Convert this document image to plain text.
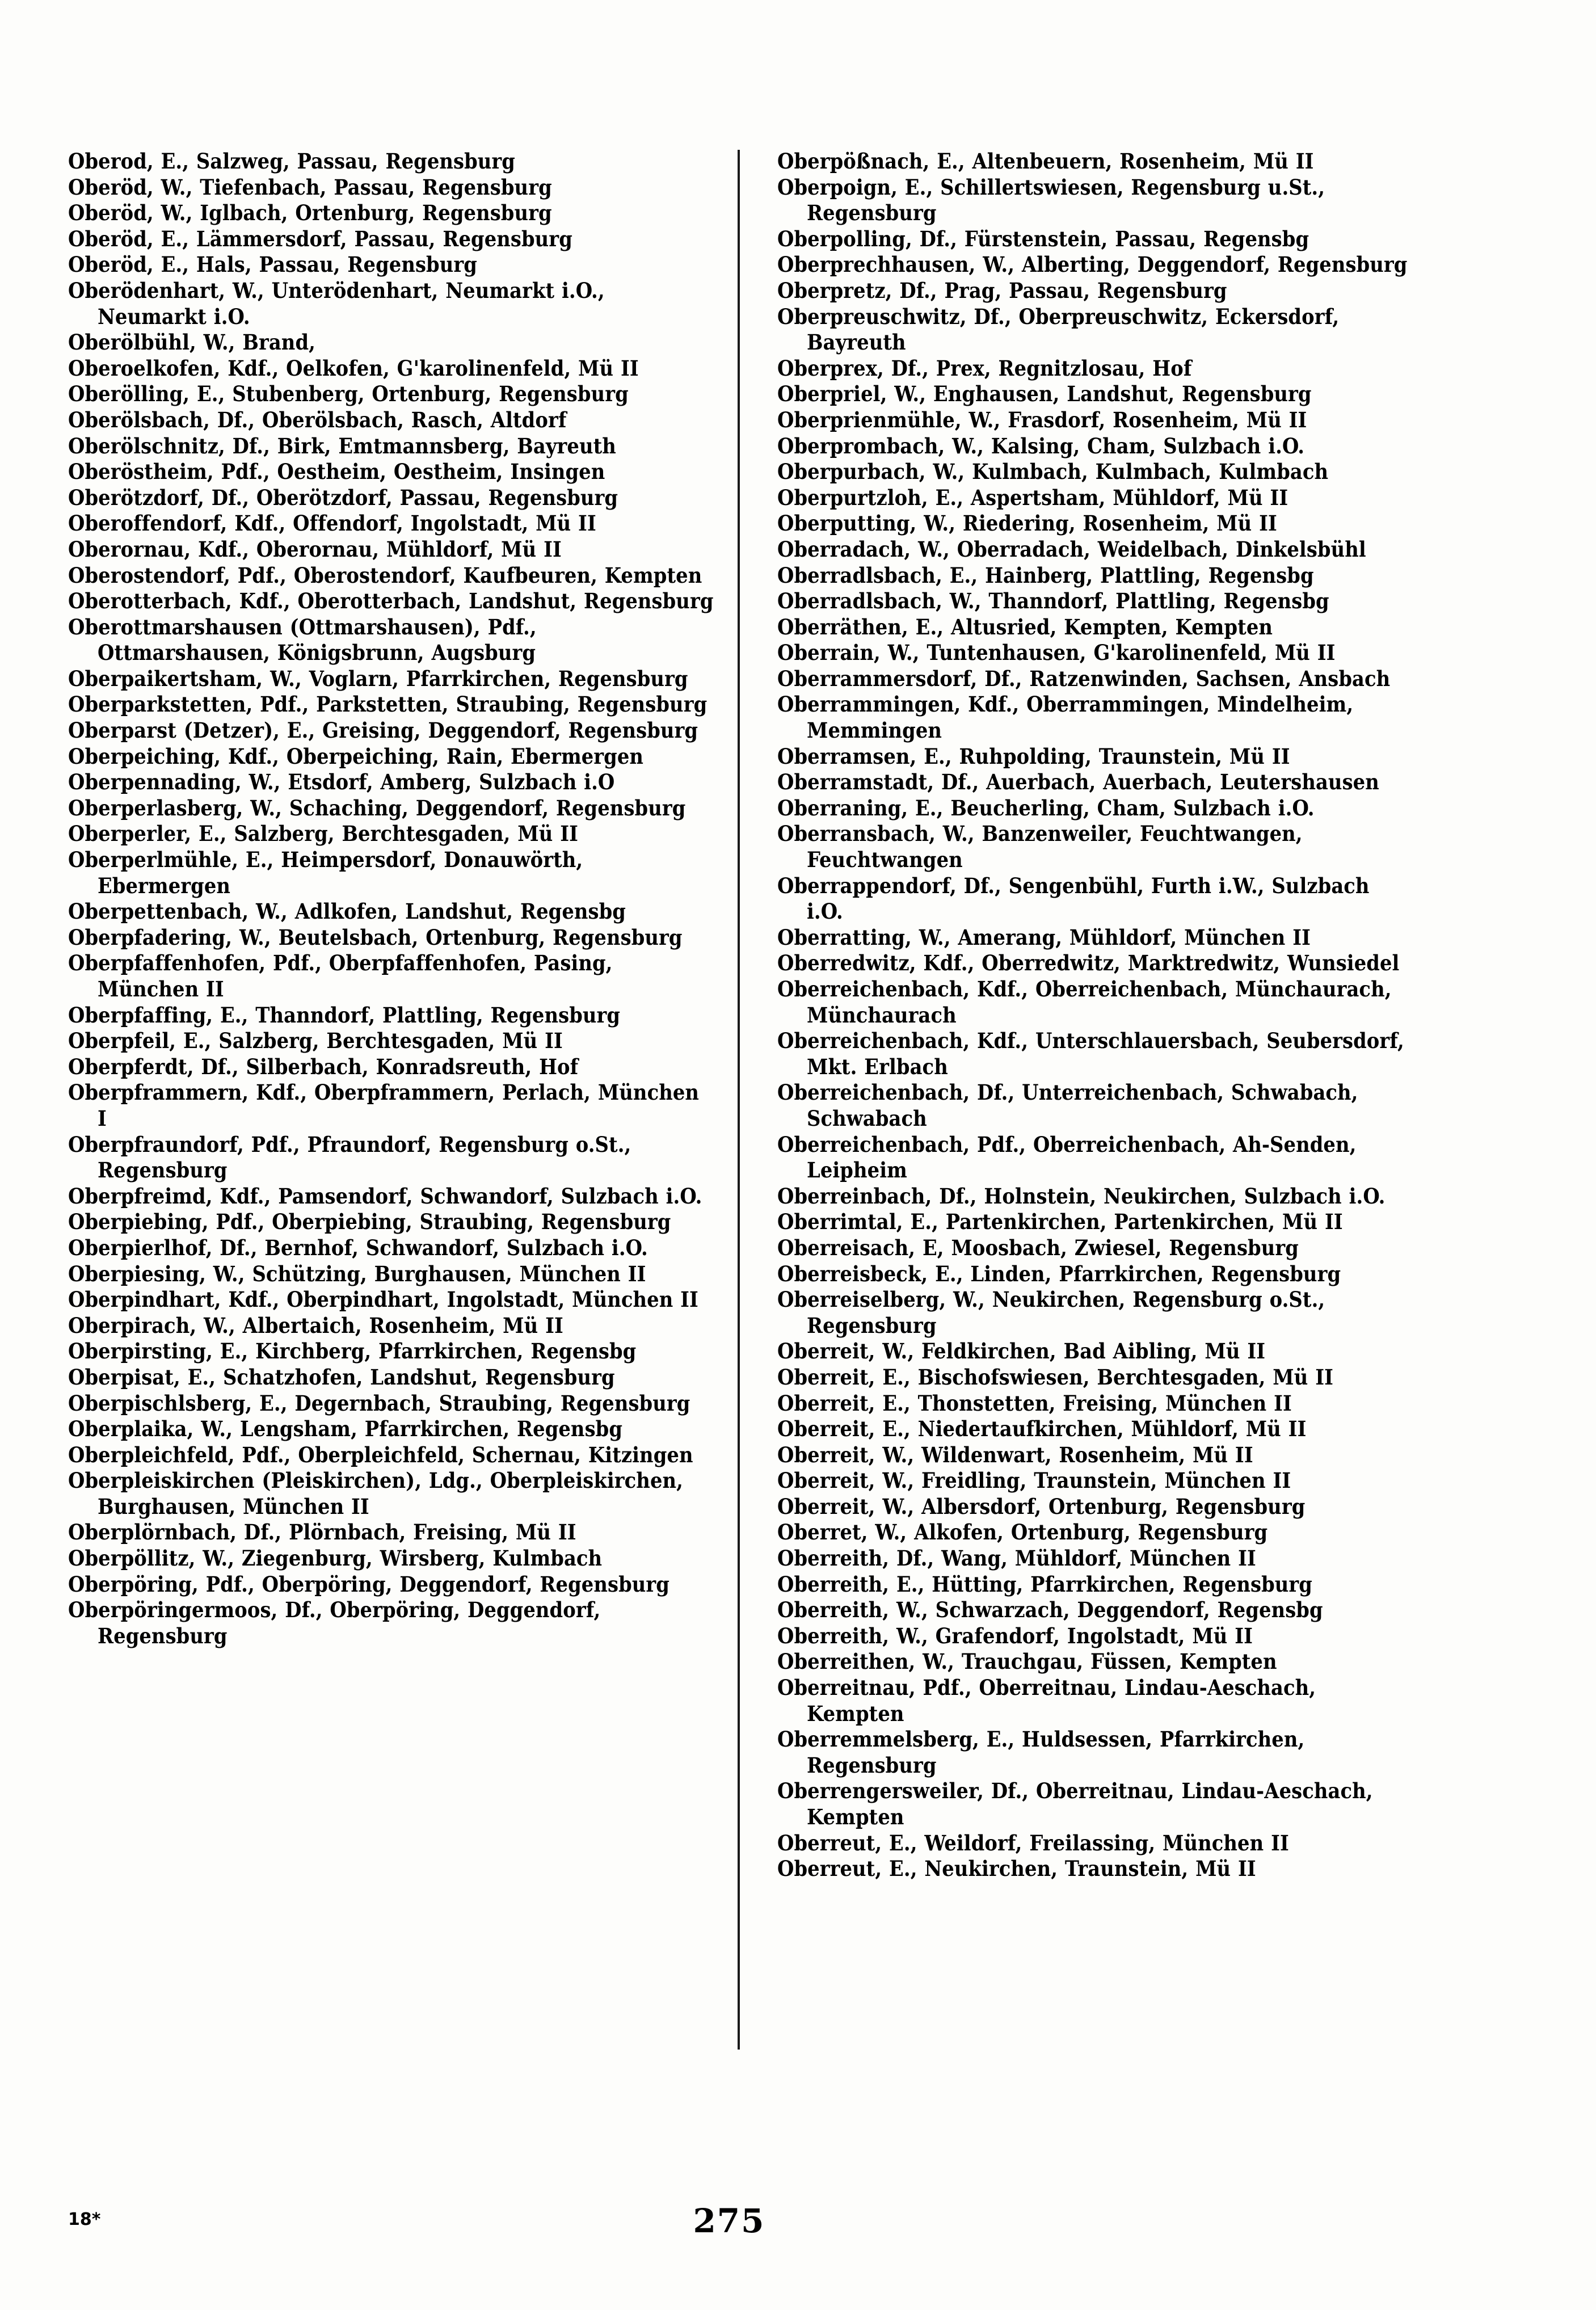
Oberod, E., Salzweg, Passau, Regensburg

Oberöd, W., Tiefenbach, Passau, Regensburg

Oberöd, W., Iglbach, Ortenburg, Regensburg

Oberöd, E., Lämmersdorf, Passau, Regensburg

Oberöd, E., Hals, Passau, Regensburg

Oberödenhart, W., Unterödenhart, Neumarkt i.O., Neumarkt i.O.

Oberölbühl, W., Brand,

Oberoelkofen, Kdf., Oelkofen, G'karolinenfeld, Mü II

Oberölling, E., Stubenberg, Ortenburg, Regensburg

Oberölsbach, Df., Oberölsbach, Rasch, Altdorf

Oberölschnitz, Df., Birk, Emtmannsberg, Bayreuth

Oberöstheim, Pdf., Oestheim, Oestheim, Insingen

Oberötzdorf, Df., Oberötzdorf, Passau, Regensburg

Oberoffendorf, Kdf., Offendorf, Ingolstadt, Mü II

Oberornau, Kdf., Oberornau, Mühldorf, Mü II

Oberostendorf, Pdf., Oberostendorf, Kaufbeuren, Kempten

Oberotterbach, Kdf., Oberotterbach, Landshut, Regensburg

Oberottmarshausen (Ottmarshausen), Pdf., Ottmarshausen, Königsbrunn, Augsburg

Oberpaikertsham, W., Voglarn, Pfarrkirchen, Regensburg

Oberparkstetten, Pdf., Parkstetten, Straubing, Regensburg

Oberparst (Detzer), E., Greising, Deggendorf, Regensburg

Oberpeiching, Kdf., Oberpeiching, Rain, Ebermergen

Oberpennading, W., Etsdorf, Amberg, Sulzbach i.O

Oberperlasberg, W., Schaching, Deggendorf, Regensburg

Oberperler, E., Salzberg, Berchtesgaden, Mü II

Oberperlmühle, E., Heimpersdorf, Donauwörth, Ebermergen

Oberpettenbach, W., Adlkofen, Landshut, Regensbg

Oberpfadering, W., Beutelsbach, Ortenburg, Regensburg

Oberpfaffenhofen, Pdf., Oberpfaffenhofen, Pasing, München II

Oberpfaffing, E., Thanndorf, Plattling, Regensburg

Oberpfeil, E., Salzberg, Berchtesgaden, Mü II

Oberpferdt, Df., Silberbach, Konradsreuth, Hof

Oberpframmern, Kdf., Oberpframmern, Perlach, München I

Oberpfraundorf, Pdf., Pfraundorf, Regensburg o.St., Regensburg

Oberpfreimd, Kdf., Pamsendorf, Schwandorf, Sulzbach i.O.

Oberpiebing, Pdf., Oberpiebing, Straubing, Regensburg

Oberpierlhof, Df., Bernhof, Schwandorf, Sulzbach i.O.

Oberpiesing, W., Schützing, Burghausen, München II

Oberpindhart, Kdf., Oberpindhart, Ingolstadt, München II

Oberpirach, W., Albertaich, Rosenheim, Mü II

Oberpirsting, E., Kirchberg, Pfarrkirchen, Regensbg

Oberpisat, E., Schatzhofen, Landshut, Regensburg

Oberpischlsberg, E., Degernbach, Straubing, Regensburg

Oberplaika, W., Lengsham, Pfarrkirchen, Regensbg

Oberpleichfeld, Pdf., Oberpleichfeld, Schernau, Kitzingen

Oberpleiskirchen (Pleiskirchen), Ldg., Oberpleiskirchen, Burghausen, München II

Oberplörnbach, Df., Plörnbach, Freising, Mü II

Oberpöllitz, W., Ziegenburg, Wirsberg, Kulmbach

Oberpöring, Pdf., Oberpöring, Deggendorf, Regensburg

Oberpöringermoos, Df., Oberpöring, Deggendorf, Regensburg

Oberpößnach, E., Altenbeuern, Rosenheim, Mü II

Oberpoign, E., Schillertswiesen, Regensburg u.St., Regensburg

Oberpolling, Df., Fürstenstein, Passau, Regensbg

Oberprechhausen, W., Alberting, Deggendorf, Regensburg

Oberpretz, Df., Prag, Passau, Regensburg

Oberpreuschwitz, Df., Oberpreuschwitz, Eckersdorf, Bayreuth

Oberprex, Df., Prex, Regnitzlosau, Hof

Oberpriel, W., Enghausen, Landshut, Regensburg

Oberprienmühle, W., Frasdorf, Rosenheim, Mü II

Oberprombach, W., Kalsing, Cham, Sulzbach i.O.

Oberpurbach, W., Kulmbach, Kulmbach, Kulmbach

Oberpurtzloh, E., Aspertsham, Mühldorf, Mü II

Oberputting, W., Riedering, Rosenheim, Mü II

Oberradach, W., Oberradach, Weidelbach, Dinkelsbühl

Oberradlsbach, E., Hainberg, Plattling, Regensbg

Oberradlsbach, W., Thanndorf, Plattling, Regensbg

Oberräthen, E., Altusried, Kempten, Kempten

Oberrain, W., Tuntenhausen, G'karolinenfeld, Mü II

Oberrammersdorf, Df., Ratzenwinden, Sachsen, Ansbach

Oberrammingen, Kdf., Oberrammingen, Mindelheim, Memmingen

Oberramsen, E., Ruhpolding, Traunstein, Mü II

Oberramstadt, Df., Auerbach, Auerbach, Leutershausen

Oberraning, E., Beucherling, Cham, Sulzbach i.O.

Oberransbach, W., Banzenweiler, Feuchtwangen, Feuchtwangen

Oberrappendorf, Df., Sengenbühl, Furth i.W., Sulzbach i.O.

Oberratting, W., Amerang, Mühldorf, München II

Oberredwitz, Kdf., Oberredwitz, Marktredwitz, Wunsiedel

Oberreichenbach, Kdf., Oberreichenbach, Münchaurach, Münchaurach

Oberreichenbach, Kdf., Unterschlauersbach, Seubersdorf, Mkt. Erlbach

Oberreichenbach, Df., Unterreichenbach, Schwabach, Schwabach

Oberreichenbach, Pdf., Oberreichenbach, Ah-Senden, Leipheim

Oberreinbach, Df., Holnstein, Neukirchen, Sulzbach i.O.

Oberrimtal, E., Partenkirchen, Partenkirchen, Mü II

Oberreisach, E, Moosbach, Zwiesel, Regensburg

Oberreisbeck, E., Linden, Pfarrkirchen, Regensburg

Oberreiselberg, W., Neukirchen, Regensburg o.St., Regensburg

Oberreit, W., Feldkirchen, Bad Aibling, Mü II

Oberreit, E., Bischofswiesen, Berchtesgaden, Mü II

Oberreit, E., Thonstetten, Freising, München II

Oberreit, E., Niedertaufkirchen, Mühldorf, Mü II

Oberreit, W., Wildenwart, Rosenheim, Mü II

Oberreit, W., Freidling, Traunstein, München II

Oberreit, W., Albersdorf, Ortenburg, Regensburg

Oberret, W., Alkofen, Ortenburg, Regensburg

Oberreith, Df., Wang, Mühldorf, München II

Oberreith, E., Hütting, Pfarrkirchen, Regensburg

Oberreith, W., Schwarzach, Deggendorf, Regensbg

Oberreith, W., Grafendorf, Ingolstadt, Mü II

Oberreithen, W., Trauchgau, Füssen, Kempten

Oberreitnau, Pdf., Oberreitnau, Lindau-Aeschach, Kempten

Oberremmelsberg, E., Huldsessen, Pfarrkirchen, Regensburg

Oberrengersweiler, Df., Oberreitnau, Lindau-Aeschach, Kempten

Oberreut, E., Weildorf, Freilassing, München II

Oberreut, E., Neukirchen, Traunstein, Mü II

18*	275
